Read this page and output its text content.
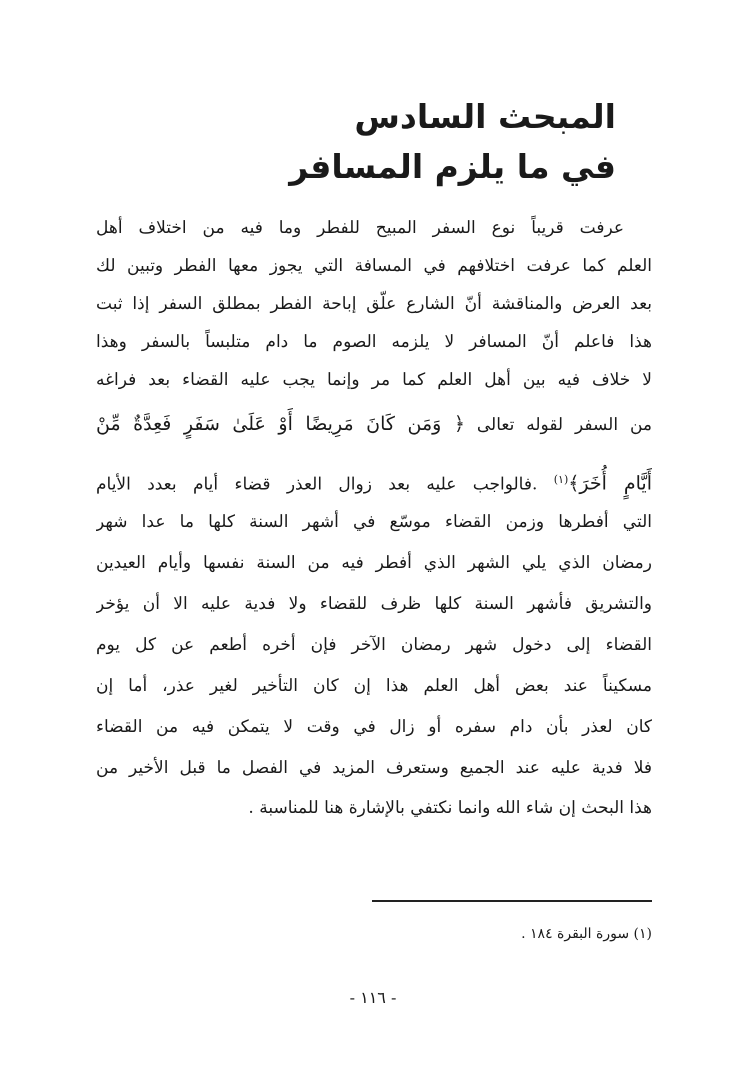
المبحث السادس
في ما يلزم المسافر
عرفت قريباً نوع السفر المبيح للفطر وما فيه من اختلاف أهل
العلم كما عرفت اختلافهم في المسافة التي يجوز معها الفطر وتبين لك
بعد العرض والمناقشة أنّ الشارع علّق إباحة الفطر بمطلق السفر إذا ثبت
هذا فاعلم أنّ المسافر لا يلزمه الصوم ما دام متلبساً بالسفر وهذا
لا خلاف فيه بين أهل العلم كما مر وإنما يجب عليه القضاء بعد فراغه
من السفر لقوله تعالى ﴿ وَمَن كَانَ مَرِيضًا أَوْ عَلَىٰ سَفَرٍ فَعِدَّةٌ مِّنْ
أَيَّامٍ أُخَرَ﴾$^{(١)}$ .فالواجب عليه بعد زوال العذر قضاء أيام بعدد الأيام
التي أفطرها وزمن القضاء موسّع في أشهر السنة كلها ما عدا شهر
رمضان الذي يلي الشهر الذي أفطر فيه من السنة نفسها وأيام العيدين
والتشريق فأشهر السنة كلها ظرف للقضاء ولا فدية عليه الا أن يؤخر
القضاء إلى دخول شهر رمضان الآخر فإن أخره أطعم عن كل يوم
مسكيناً عند بعض أهل العلم هذا إن كان التأخير لغير عذر، أما إن
كان لعذر بأن دام سفره أو زال في وقت لا يتمكن فيه من القضاء
فلا فدية عليه عند الجميع وستعرف المزيد في الفصل ما قبل الأخير من
هذا البحث إن شاء الله وانما نكتفي بالإشارة هنا للمناسبة .
(١) سورة البقرة ١٨٤ .
- ١١٦ -
